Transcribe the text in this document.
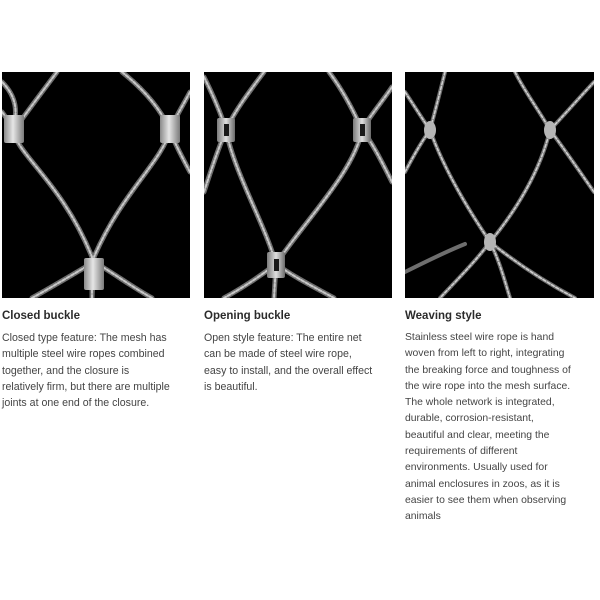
Closed buckle
Closed type feature: The mesh has
multiple steel wire ropes combined
together, and the closure is
relatively firm, but there are multiple
joints at one end of the closure.
Opening buckle
Open style feature: The entire net
can be made of steel wire rope,
easy to install, and the overall effect
is beautiful.
Weaving style
Stainless steel wire rope is hand
woven from left to right, integrating
the breaking force and toughness of
the wire rope into the mesh surface.
The whole network is integrated,
durable, corrosion-resistant,
beautiful and clear, meeting the
requirements of different
environments. Usually used for
animal enclosures in zoos, as it is
easier to see them when observing
animals
